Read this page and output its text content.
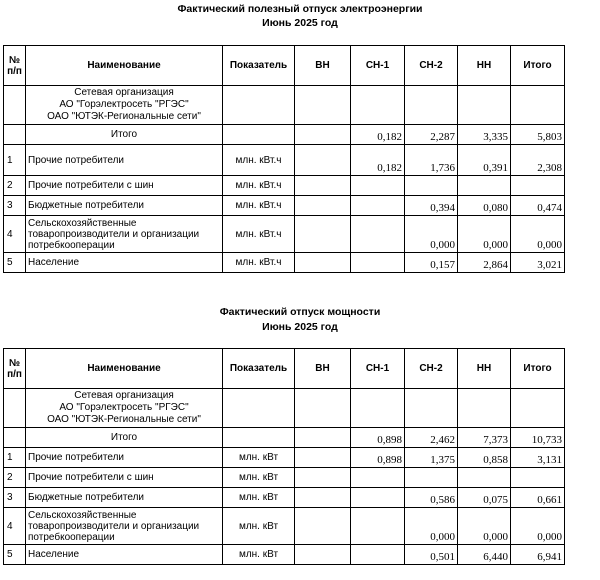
Фактический полезный отпуск электроэнергии
Июнь 2025 год
№
п/п	Наименование	Показатель	ВН	СН-1	СН-2	НН	Итого
	Сетевая организация
АО "Горэлектросеть "РГЭС"
ОАО "ЮТЭК-Региональные сети"						
	Итого			0,182	2,287	3,335	5,803
1	Прочие потребители	млн. кВт.ч		0,182	1,736	0,391	2,308
2	Прочие потребители с шин	млн. кВт.ч					
3	Бюджетные потребители	млн. кВт.ч			0,394	0,080	0,474
4	Сельскохозяйственные
товаропроизводители и организации
потребкооперации	млн. кВт.ч			0,000	0,000	0,000
5	Население	млн. кВт.ч			0,157	2,864	3,021
Фактический отпуск мощности
Июнь 2025 год
№
п/п	Наименование	Показатель	ВН	СН-1	СН-2	НН	Итого
	Сетевая организация
АО "Горэлектросеть "РГЭС"
ОАО "ЮТЭК-Региональные сети"						
	Итого			0,898	2,462	7,373	10,733
1	Прочие потребители	млн. кВт		0,898	1,375	0,858	3,131
2	Прочие потребители с шин	млн. кВт					
3	Бюджетные потребители	млн. кВт			0,586	0,075	0,661
4	Сельскохозяйственные
товаропроизводители и организации
потребкооперации	млн. кВт			0,000	0,000	0,000
5	Население	млн. кВт			0,501	6,440	6,941
